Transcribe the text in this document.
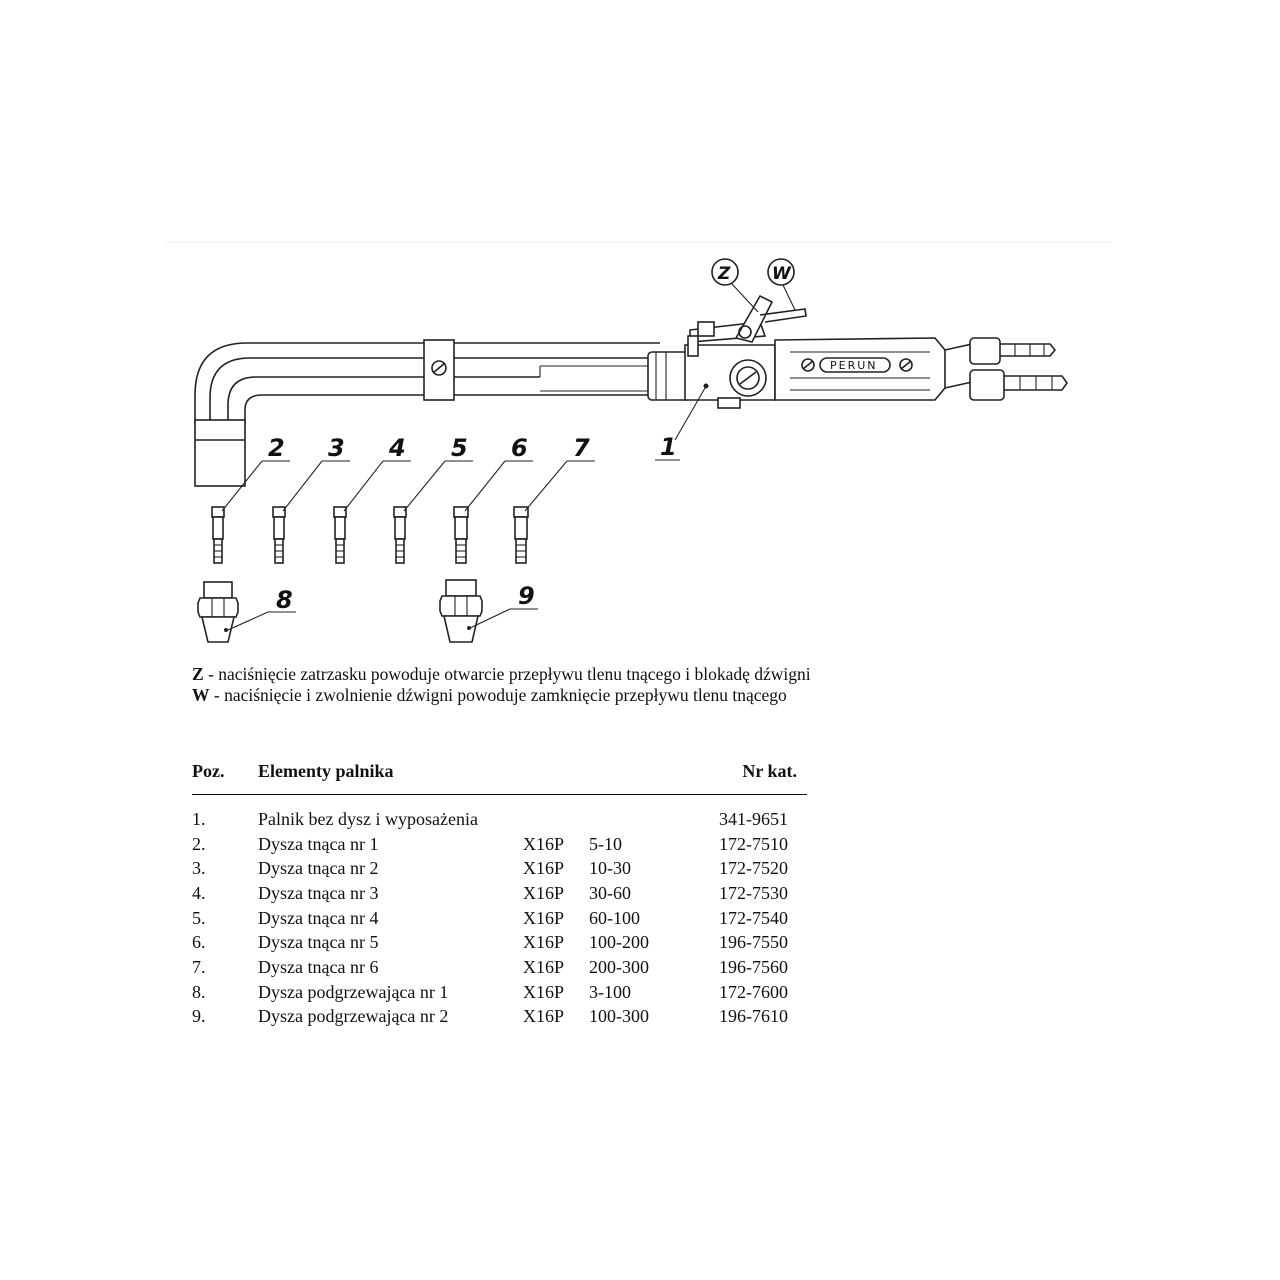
PERUN
Z W
1
2 3 4 5 6 7
8	9
Z - naciśnięcie zatrzasku powoduje otwarcie przepływu tlenu tnącego i blokadę dźwigni
W - naciśnięcie i zwolnienie dźwigni powoduje zamknięcie przepływu tlenu tnącego
Poz.	Elementy palnika			Nr kat.
1.	Palnik bez dysz i wyposażenia			341-9651
2.	Dysza tnąca nr 1	X16P	5-10	172-7510
3.	Dysza tnąca nr 2	X16P	10-30	172-7520
4.	Dysza tnąca nr 3	X16P	30-60	172-7530
5.	Dysza tnąca nr 4	X16P	60-100	172-7540
6.	Dysza tnąca nr 5	X16P	100-200	196-7550
7.	Dysza tnąca nr 6	X16P	200-300	196-7560
8.	Dysza podgrzewająca nr 1	X16P	3-100	172-7600
9.	Dysza podgrzewająca nr 2	X16P	100-300	196-7610
